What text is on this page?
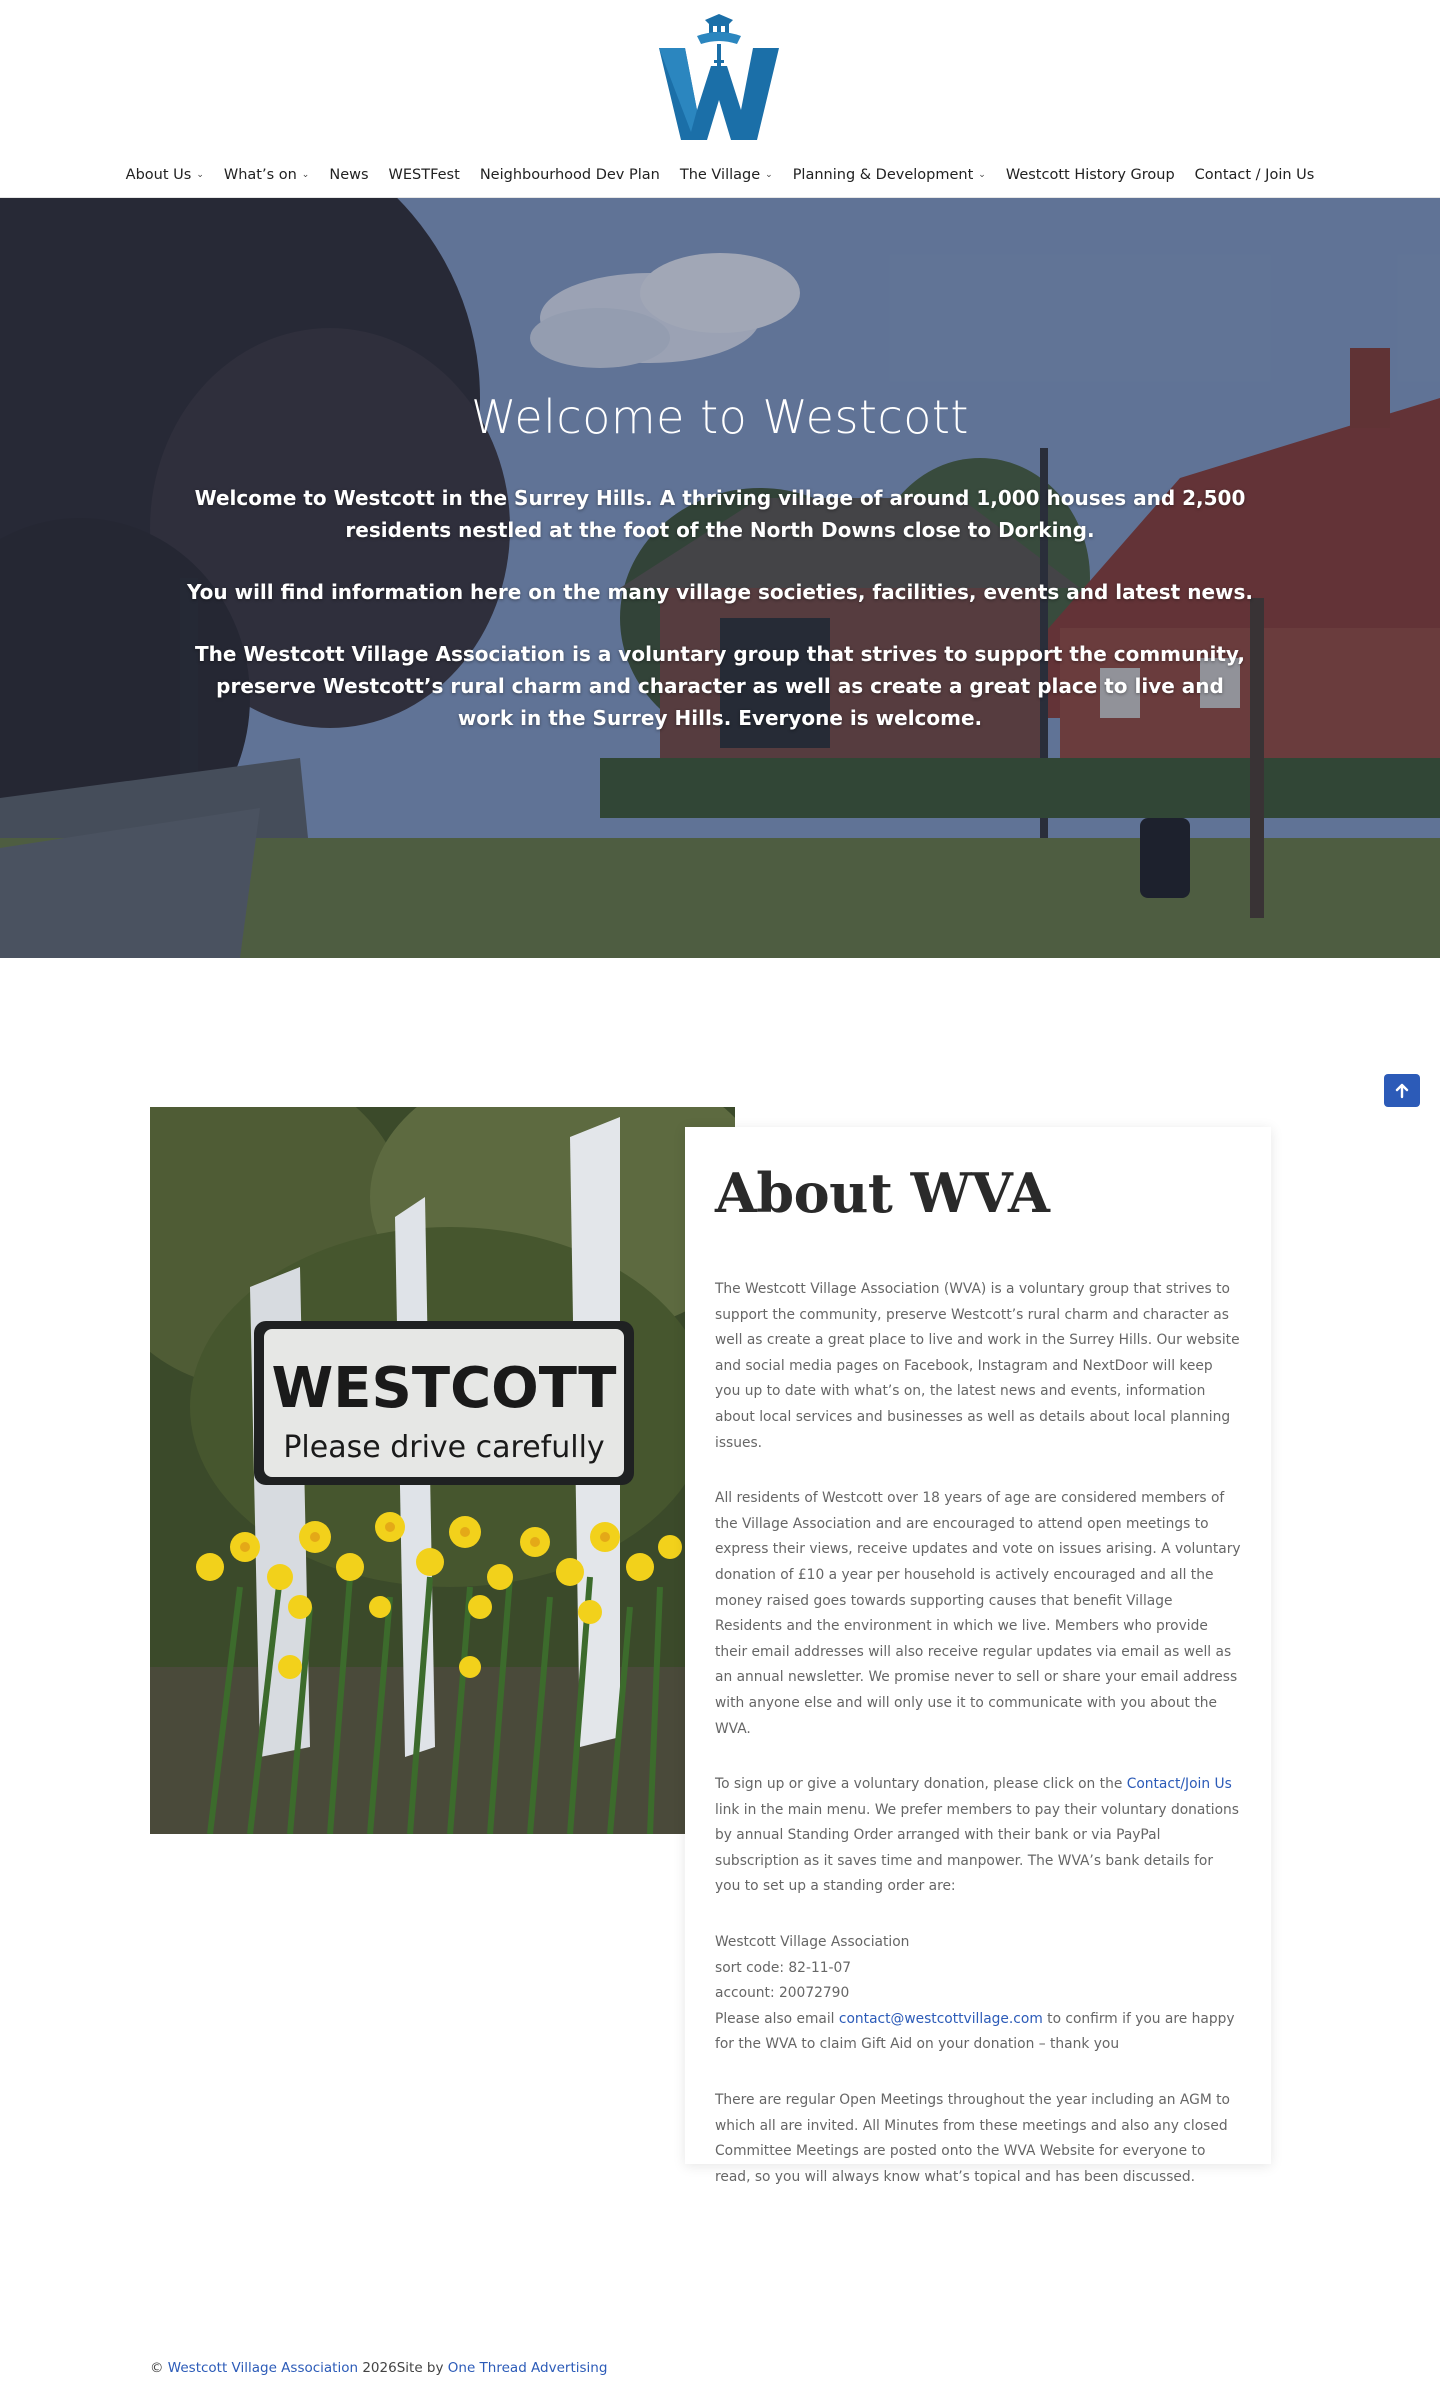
About Us ⌄ What’s on ⌄ News WESTFest Neighbourhood Dev Plan The Village ⌄ Planning & Development ⌄ Westcott History Group Contact / Join Us
Welcome to Westcott

Welcome to Westcott in the Surrey Hills. A thriving village of around 1,000 houses and 2,500 residents nestled at the foot of the North Downs close to Dorking.

You will find information here on the many village societies, facilities, events and latest news.

The Westcott Village Association is a voluntary group that strives to support the community, preserve Westcott’s rural charm and character as well as create a great place to live and work in the Surrey Hills. Everyone is welcome.

WESTCOTT
Please drive carefully
About WVA

The Westcott Village Association (WVA) is a voluntary group that strives to support the community, preserve Westcott’s rural charm and character as well as create a great place to live and work in the Surrey Hills. Our website and social media pages on Facebook, Instagram and NextDoor will keep you up to date with what’s on, the latest news and events, information about local services and businesses as well as details about local planning issues.

All residents of Westcott over 18 years of age are considered members of the Village Association and are encouraged to attend open meetings to express their views, receive updates and vote on issues arising. A voluntary donation of £10 a year per household is actively encouraged and all the money raised goes towards supporting causes that benefit Village Residents and the environment in which we live. Members who provide their email addresses will also receive regular updates via email as well as an annual newsletter. We promise never to sell or share your email address with anyone else and will only use it to communicate with you about the WVA.

To sign up or give a voluntary donation, please click on the Contact/Join Us link in the main menu. We prefer members to pay their voluntary donations by annual Standing Order arranged with their bank or via PayPal subscription as it saves time and manpower. The WVA’s bank details for you to set up a standing order are:

Westcott Village Association
sort code: 82-11-07
account: 20072790
Please also email contact@westcottvillage.com to confirm if you are happy for the WVA to claim Gift Aid on your donation – thank you

There are regular Open Meetings throughout the year including an AGM to which all are invited. All Minutes from these meetings and also any closed Committee Meetings are posted onto the WVA Website for everyone to read, so you will always know what’s topical and has been discussed.

© Westcott Village Association 2026Site by One Thread Advertising
